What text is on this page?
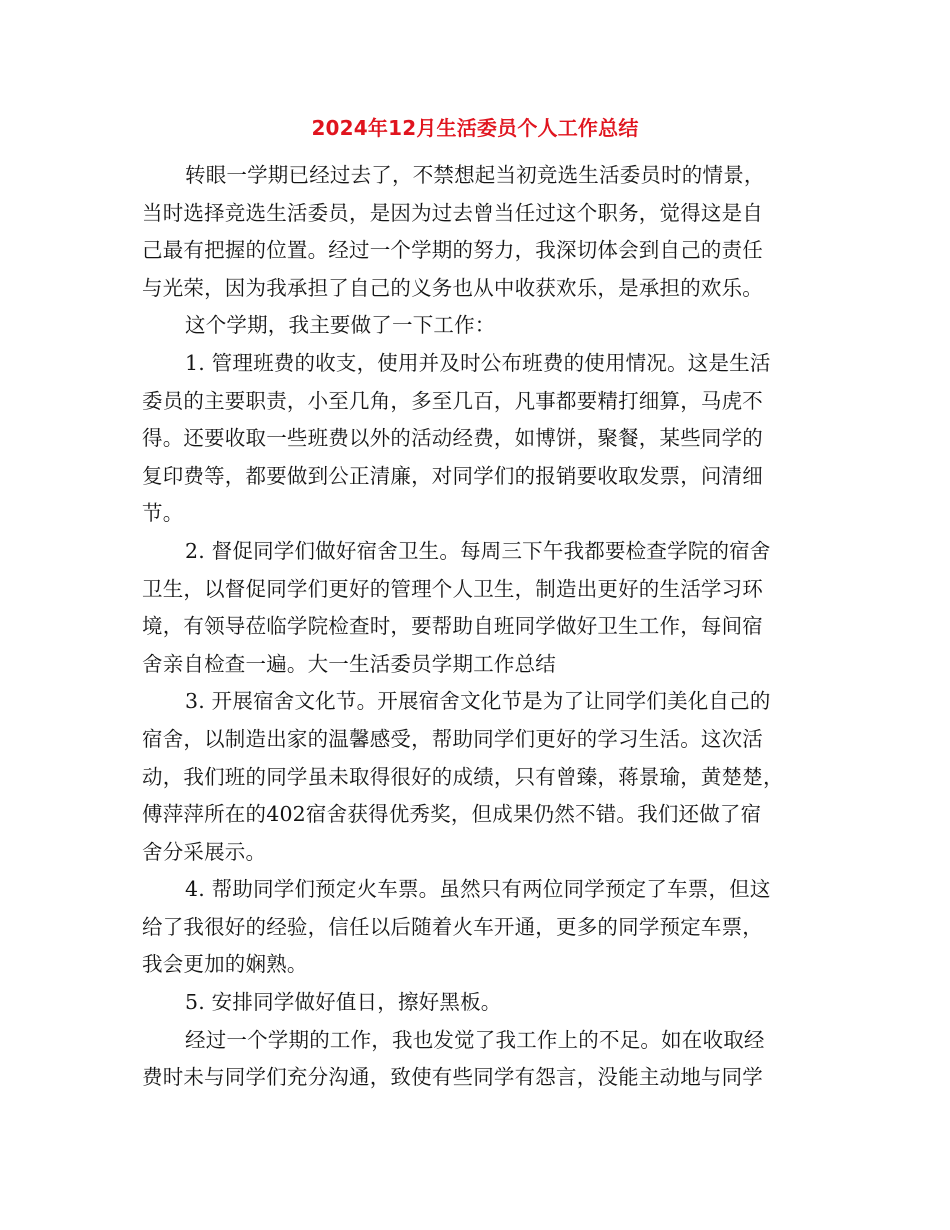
2024年12月生活委员个人工作总结
转眼一学期已经过去了，不禁想起当初竞选生活委员时的情景，
当时选择竞选生活委员，是因为过去曾当任过这个职务，觉得这是自
己最有把握的位置。经过一个学期的努力，我深切体会到自己的责任
与光荣，因为我承担了自己的义务也从中收获欢乐，是承担的欢乐。
这个学期，我主要做了一下工作：
1. 管理班费的收支，使用并及时公布班费的使用情况。这是生活
委员的主要职责，小至几角，多至几百，凡事都要精打细算，马虎不
得。还要收取一些班费以外的活动经费，如博饼，聚餐，某些同学的
复印费等，都要做到公正清廉，对同学们的报销要收取发票，问清细
节。
2. 督促同学们做好宿舍卫生。每周三下午我都要检查学院的宿舍
卫生，以督促同学们更好的管理个人卫生，制造出更好的生活学习环
境，有领导莅临学院检查时，要帮助自班同学做好卫生工作，每间宿
舍亲自检查一遍。大一生活委员学期工作总结
3. 开展宿舍文化节。开展宿舍文化节是为了让同学们美化自己的
宿舍，以制造出家的温馨感受，帮助同学们更好的学习生活。这次活
动，我们班的同学虽未取得很好的成绩，只有曾臻，蒋景瑜，黄楚楚，
傅萍萍所在的402宿舍获得优秀奖，但成果仍然不错。我们还做了宿
舍分采展示。
4. 帮助同学们预定火车票。虽然只有两位同学预定了车票，但这
给了我很好的经验，信任以后随着火车开通，更多的同学预定车票，
我会更加的娴熟。
5. 安排同学做好值日，擦好黑板。
经过一个学期的工作，我也发觉了我工作上的不足。如在收取经
费时未与同学们充分沟通，致使有些同学有怨言，没能主动地与同学
